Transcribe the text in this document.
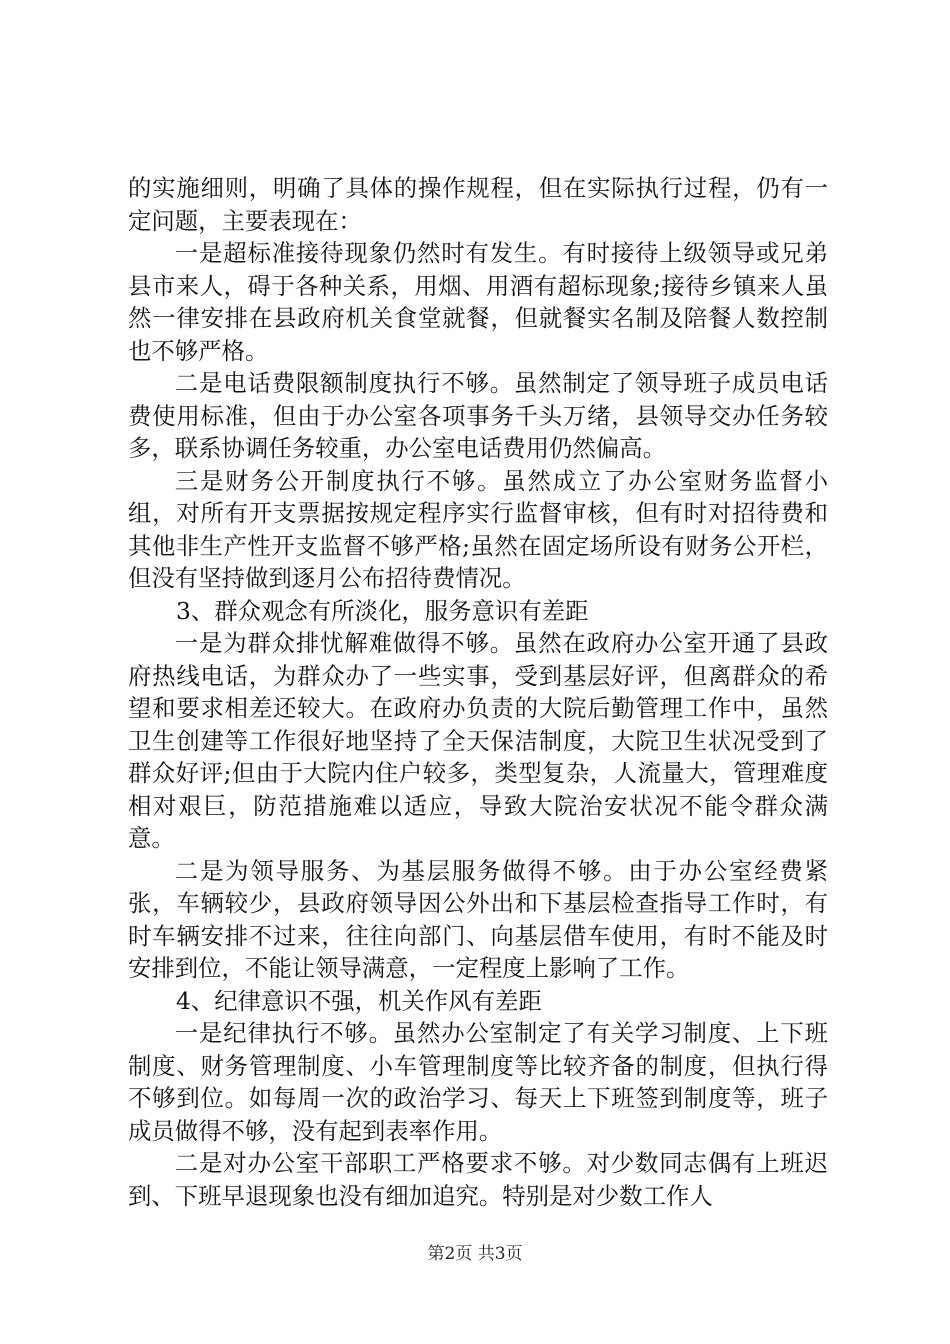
的实施细则，明确了具体的操作规程，但在实际执行过程，仍有一定问题，主要表现在：

一是超标准接待现象仍然时有发生。有时接待上级领导或兄弟县市来人，碍于各种关系，用烟、用酒有超标现象;接待乡镇来人虽然一律安排在县政府机关食堂就餐，但就餐实名制及陪餐人数控制也不够严格。

二是电话费限额制度执行不够。虽然制定了领导班子成员电话费使用标准，但由于办公室各项事务千头万绪，县领导交办任务较多，联系协调任务较重，办公室电话费用仍然偏高。

三是财务公开制度执行不够。虽然成立了办公室财务监督小组，对所有开支票据按规定程序实行监督审核，但有时对招待费和其他非生产性开支监督不够严格;虽然在固定场所设有财务公开栏，但没有坚持做到逐月公布招待费情况。

3、群众观念有所淡化，服务意识有差距

一是为群众排忧解难做得不够。虽然在政府办公室开通了县政府热线电话，为群众办了一些实事，受到基层好评，但离群众的希望和要求相差还较大。在政府办负责的大院后勤管理工作中，虽然卫生创建等工作很好地坚持了全天保洁制度，大院卫生状况受到了群众好评;但由于大院内住户较多，类型复杂，人流量大，管理难度相对艰巨，防范措施难以适应，导致大院治安状况不能令群众满意。

二是为领导服务、为基层服务做得不够。由于办公室经费紧张，车辆较少，县政府领导因公外出和下基层检查指导工作时，有时车辆安排不过来，往往向部门、向基层借车使用，有时不能及时安排到位，不能让领导满意，一定程度上影响了工作。

4、纪律意识不强，机关作风有差距

一是纪律执行不够。虽然办公室制定了有关学习制度、上下班制度、财务管理制度、小车管理制度等比较齐备的制度，但执行得不够到位。如每周一次的政治学习、每天上下班签到制度等，班子成员做得不够，没有起到表率作用。

二是对办公室干部职工严格要求不够。对少数同志偶有上班迟到、下班早退现象也没有细加追究。特别是对少数工作人

第2页 共3页
